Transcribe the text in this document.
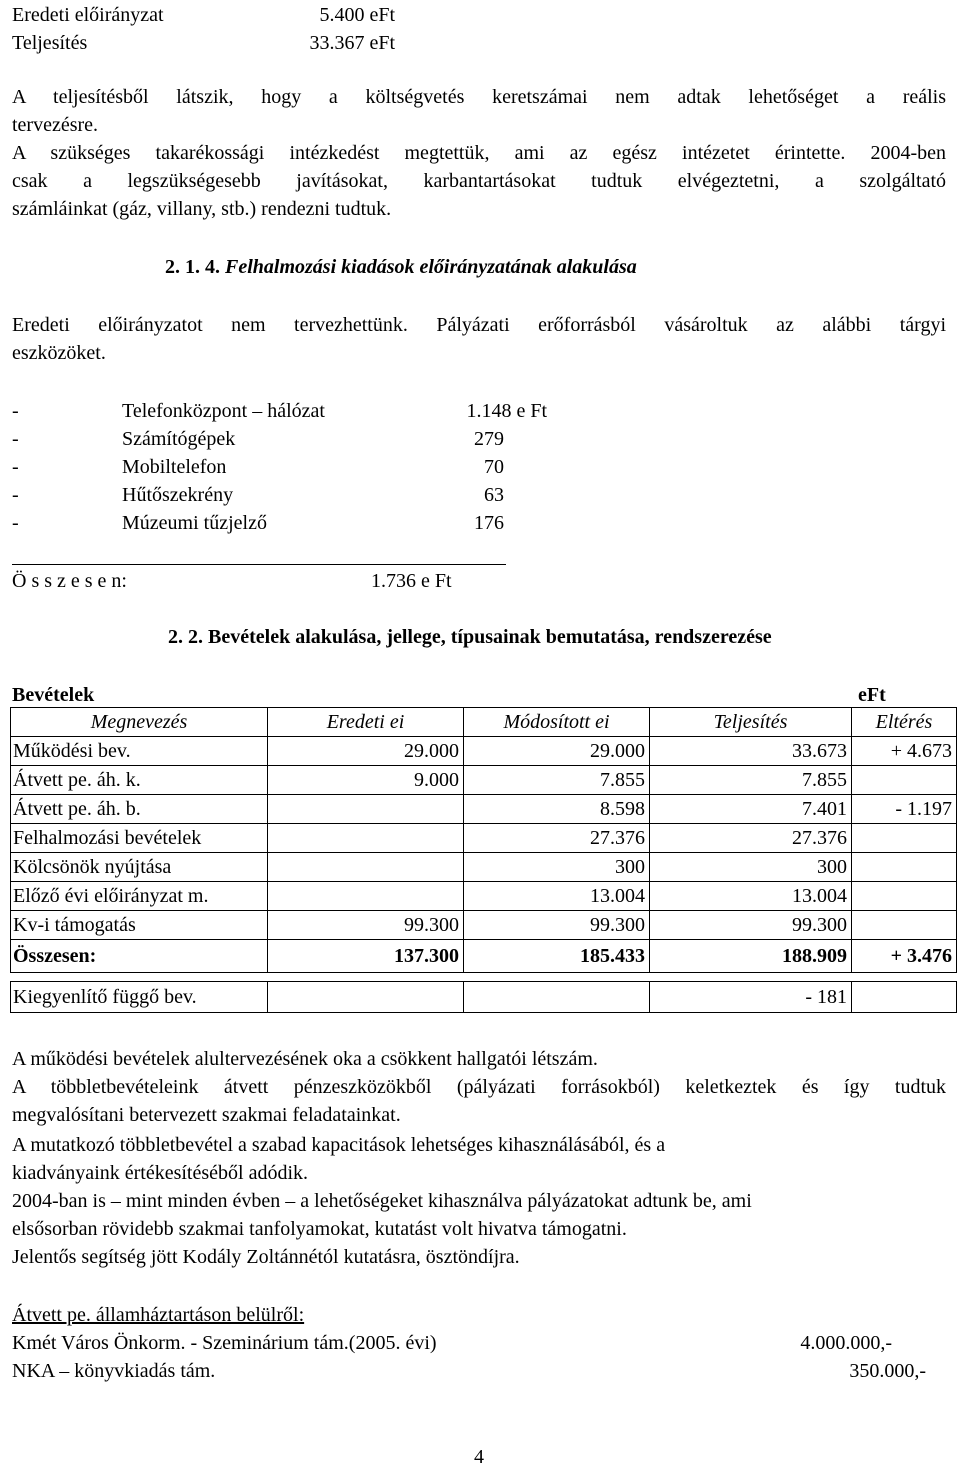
Eredeti előirányzat	5.400 eFt
Teljesítés	33.367 eFt
A teljesítésből látszik, hogy a költségvetés keretszámai nem adtak lehetőséget a reális
tervezésre.
A szükséges takarékossági intézkedést megtettük, ami az egész intézetet érintette. 2004-ben
csak a legszükségesebb javításokat, karbantartásokat tudtuk elvégeztetni, a szolgáltató
számláinkat (gáz, villany, stb.) rendezni tudtuk.
2. 1. 4. Felhalmozási kiadások előirányzatának alakulása
Eredeti előirányzatot nem tervezhettünk. Pályázati erőforrásból vásároltuk az alábbi tárgyi
eszközöket.
-	Telefonközpont – hálózat	1.148 e Ft
-	Számítógépek	279
-	Mobiltelefon	70
-	Hűtőszekrény	63
-	Múzeumi tűzjelző	176
Ö s s z e s e n:	1.736 e Ft
2. 2. Bevételek alakulása, jellege, típusainak bemutatása, rendszerezése
Bevételek	eFt
Megnevezés	Eredeti ei	Módosított ei	Teljesítés	Eltérés
Működési bev.	29.000	29.000	33.673	+ 4.673
Átvett pe. áh. k.	9.000	7.855	7.855	
Átvett pe. áh. b.		8.598	7.401	- 1.197
Felhalmozási bevételek		27.376	27.376	
Kölcsönök nyújtása		300	300	
Előző évi előirányzat m.		13.004	13.004	
Kv-i támogatás	99.300	99.300	99.300	
Összesen:	137.300	185.433	188.909	+ 3.476

Kiegyenlítő függő bev.			- 181	
A működési bevételek alultervezésének oka a csökkent hallgatói létszám.
A többletbevételeink átvett pénzeszközökből (pályázati forrásokból) keletkeztek és így tudtuk
megvalósítani betervezett szakmai feladatainkat.
A mutatkozó többletbevétel a szabad kapacitások lehetséges kihasználásából, és a
kiadványaink értékesítéséből adódik.
2004-ban is – mint minden évben – a lehetőségeket kihasználva pályázatokat adtunk be, ami
elsősorban rövidebb szakmai tanfolyamokat, kutatást volt hivatva támogatni.
Jelentős segítség jött Kodály Zoltánnétól kutatásra, ösztöndíjra.
Átvett pe. államháztartáson belülről:
Kmét Város Önkorm. - Szeminárium tám.(2005. évi)	4.000.000,-
NKA – könyvkiadás tám.	350.000,-
4
